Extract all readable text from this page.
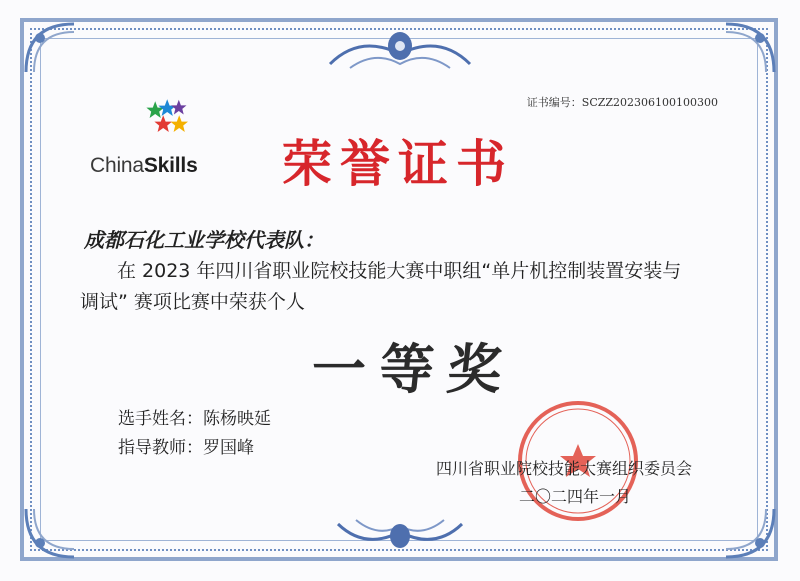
证书编号：SCZZ202306100100300
ChinaSkills	荣誉证书
成都石化工业学校代表队：
在 2023 年四川省职业院校技能大赛中职组“单片机控制装置安装与
调试” 赛项比赛中荣获个人
一等奖
选手姓名：陈杨映延
指导教师：罗国峰
四川省职业院校技能大赛组织委员会
二〇二四年一月
